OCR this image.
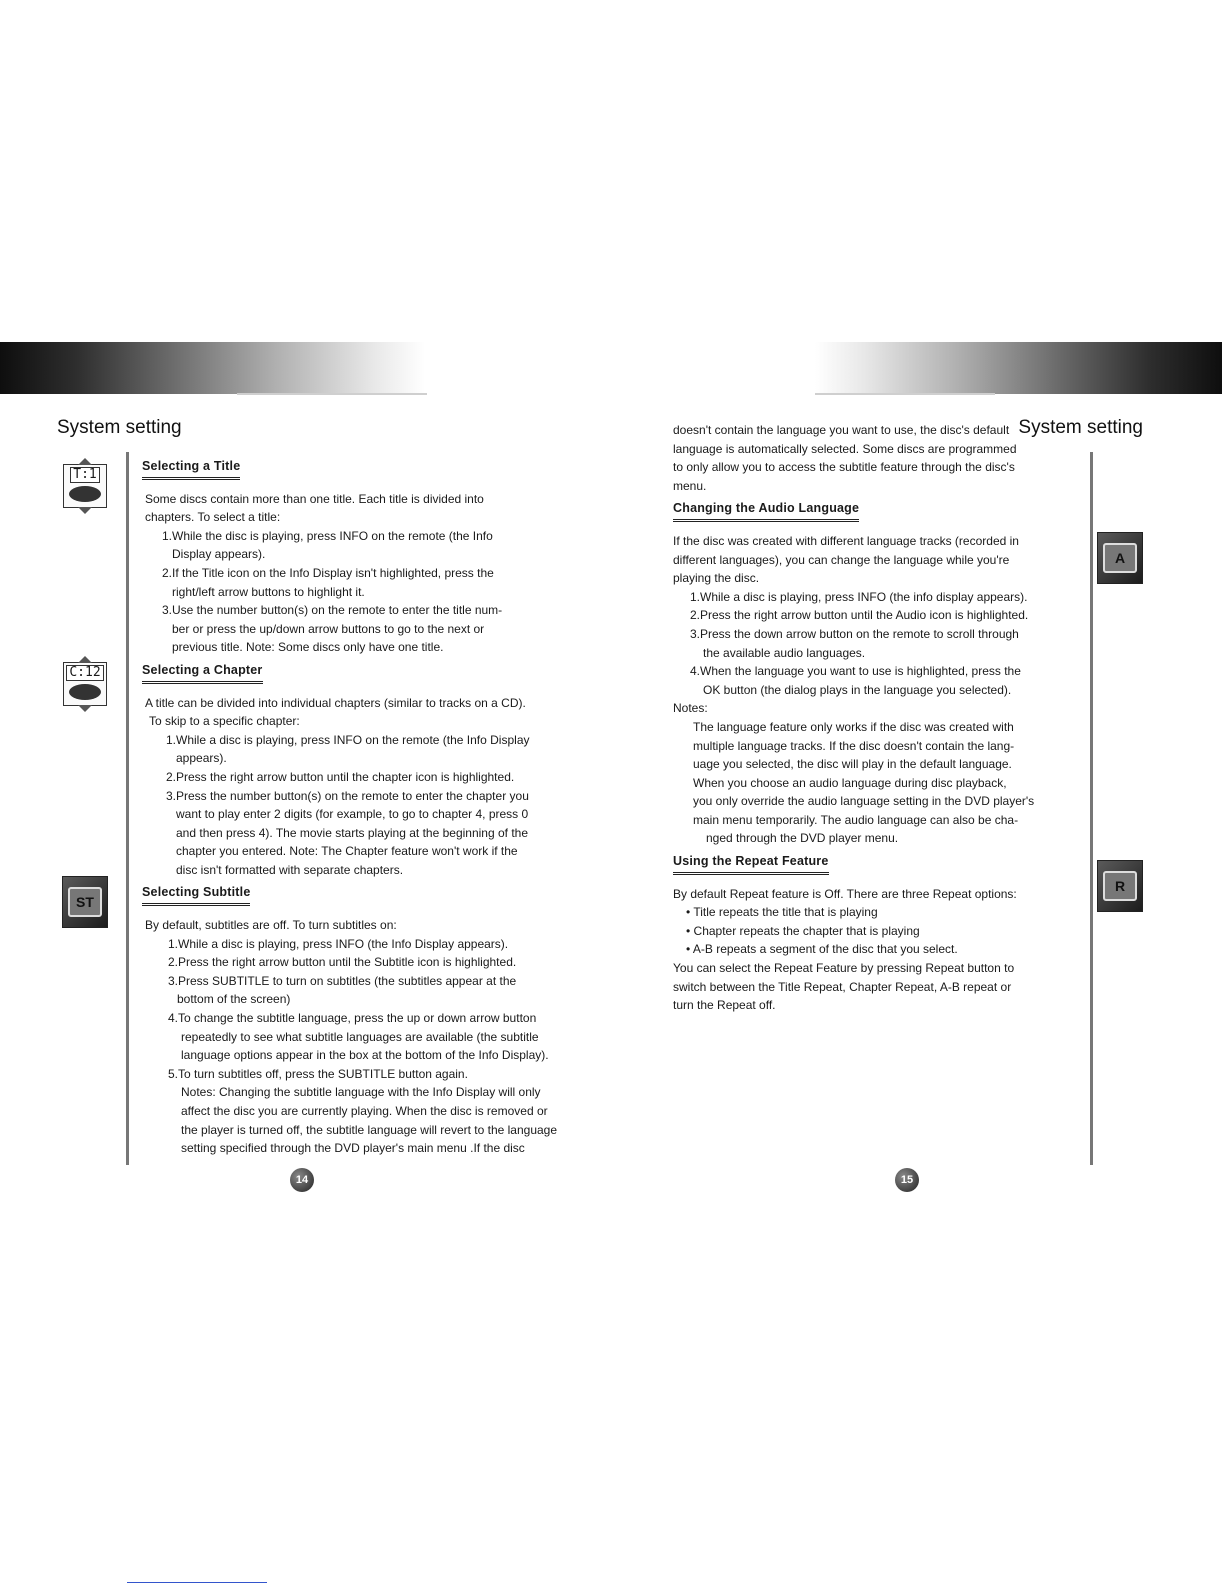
System setting	System setting
T:1
C:12
ST
A
R
Selecting a Title

Some discs contain more than one title. Each title is divided into

chapters. To select a title:

1.While the disc is playing, press INFO on the remote (the Info

Display appears).

2.If the Title icon on the Info Display isn't highlighted, press the

right/left arrow buttons to highlight it.

3.Use the number button(s) on the remote to enter the title num-

ber or press the up/down arrow buttons to go to the next or

previous title. Note: Some discs only have one title.

Selecting a Chapter

A title can be divided into individual chapters (similar to tracks on a CD).

To skip to a specific chapter:

1.While a disc is playing, press INFO on the remote (the Info Display

appears).

2.Press the right arrow button until the chapter icon is highlighted.

3.Press the number button(s) on the remote to enter the chapter you

want to play enter 2 digits (for example, to go to chapter 4, press 0

and then press 4). The movie starts playing at the beginning of the

chapter you entered. Note: The Chapter feature won't work if the

disc isn't formatted with separate chapters.

Selecting Subtitle

By default, subtitles are off. To turn subtitles on:

1.While a disc is playing, press INFO (the Info Display appears).

2.Press the right arrow button until the Subtitle icon is highlighted.

3.Press SUBTITLE to turn on subtitles (the subtitles appear at the

bottom of the screen)

4.To change the subtitle language, press the up or down arrow button

repeatedly to see what subtitle languages are available (the subtitle

language options appear in the box at the bottom of the Info Display).

5.To turn subtitles off, press the SUBTITLE button again.

Notes: Changing the subtitle language with the Info Display will only

affect the disc you are currently playing. When the disc is removed or

the player is turned off, the subtitle language will revert to the language

setting specified through the DVD player's main menu .If the disc

doesn't contain the language you want to use, the disc's default

language is automatically selected. Some discs are programmed

to only allow you to access the subtitle feature through the disc's

menu.

Changing the Audio Language

If the disc was created with different language tracks (recorded in

different languages), you can change the language while you're

playing the disc.

1.While a disc is playing, press INFO (the info display appears).

2.Press the right arrow button until the Audio icon is highlighted.

3.Press the down arrow button on the remote to scroll through

the available audio languages.

4.When the language you want to use is highlighted, press the

OK button (the dialog plays in the language you selected).

Notes:

The language feature only works if the disc was created with

multiple language tracks. If the disc doesn't contain the lang-

uage you selected, the disc will play in the default language.

When you choose an audio language during disc playback,

you only override the audio language setting in the DVD player's

main menu temporarily. The audio language can also be cha-

nged through the DVD player menu.

Using the Repeat Feature

By default Repeat feature is Off. There are three Repeat options:

• Title repeats the title that is playing

• Chapter repeats the chapter that is playing

• A-B repeats a segment of the disc that you select.

You can select the Repeat Feature by pressing Repeat button to

switch between the Title Repeat, Chapter Repeat, A-B repeat or

turn the Repeat off.

14	15
